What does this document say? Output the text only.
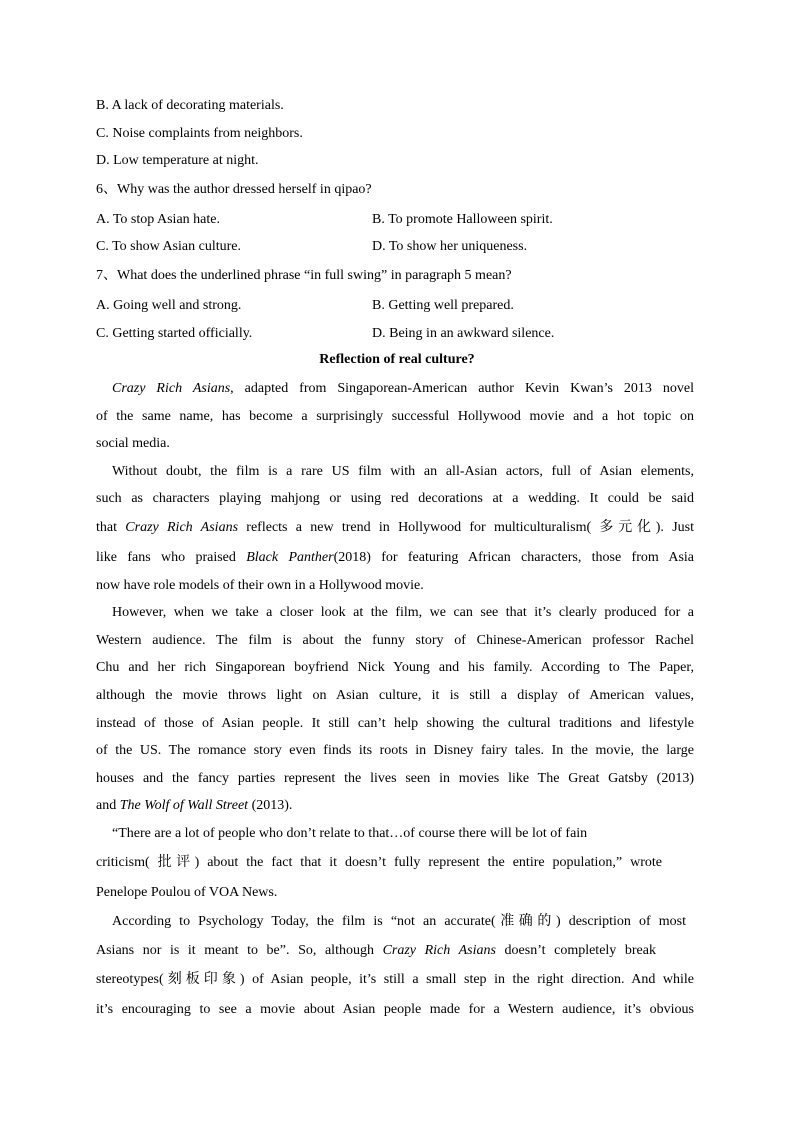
B. A lack of decorating materials.
C. Noise complaints from neighbors.
D. Low temperature at night.
6、Why was the author dressed herself in qipao?
A. To stop Asian hate.	B. To promote Halloween spirit.
C. To show Asian culture.	D. To show her uniqueness.
7、What does the underlined phrase “in full swing” in paragraph 5 mean?
A. Going well and strong.	B. Getting well prepared.
C. Getting started officially.	D. Being in an awkward silence.
Reflection of real culture?
Crazy Rich Asians, adapted from Singaporean-American author Kevin Kwan’s 2013 novel
of the same name, has become a surprisingly successful Hollywood movie and a hot topic on
social media.
Without doubt, the film is a rare US film with an all-Asian actors, full of Asian elements,
such as characters playing mahjong or using red decorations at a wedding. It could be said
that Crazy Rich Asians reflects a new trend in Hollywood for multiculturalism( 多元化). Just
like fans who praised Black Panther(2018) for featuring African characters, those from Asia
now have role models of their own in a Hollywood movie.
However, when we take a closer look at the film, we can see that it’s clearly produced for a
Western audience. The film is about the funny story of Chinese-American professor Rachel
Chu and her rich Singaporean boyfriend Nick Young and his family. According to The Paper,
although the movie throws light on Asian culture, it is still a display of American values,
instead of those of Asian people. It still can’t help showing the cultural traditions and lifestyle
of the US. The romance story even finds its roots in Disney fairy tales. In the movie, the large
houses and the fancy parties represent the lives seen in movies like The Great Gatsby (2013)
and The Wolf of Wall Street (2013).
“There are a lot of people who don’t relate to that…of course there will be lot of fain
criticism( 批评) about the fact that it doesn’t fully represent the entire population,” wrote
Penelope Poulou of VOA News.
According to Psychology Today, the film is “not an accurate(准确的) description of most
Asians nor is it meant to be”. So, although Crazy Rich Asians doesn’t completely break
stereotypes(刻板印象) of Asian people, it’s still a small step in the right direction. And while
it’s encouraging to see a movie about Asian people made for a Western audience, it’s obvious
